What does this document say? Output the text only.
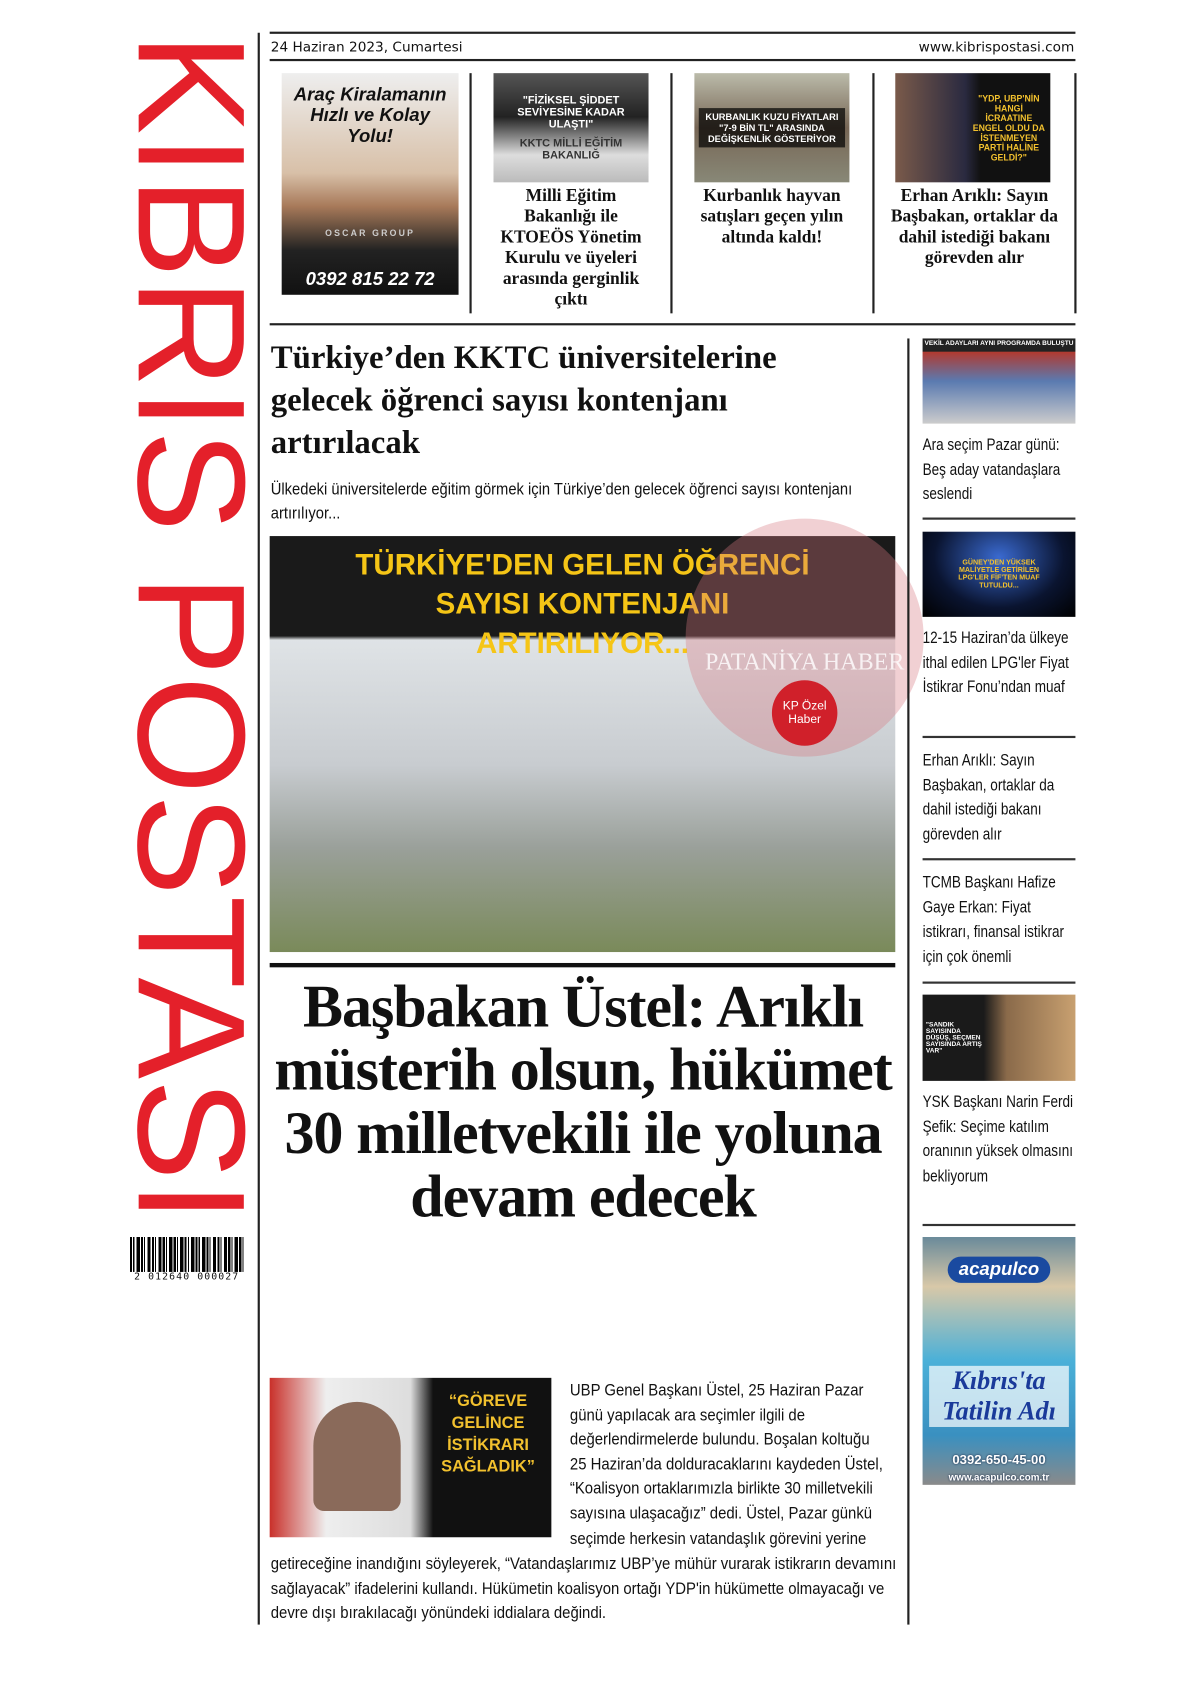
KIBRIS POSTASI
2 012640 000027
24 Haziran 2023, Cumartesi	www.kibrispostasi.com
Araç Kiralamanın Hızlı ve Kolay Yolu!
OSCAR GROUP
0392 815 22 72
"FİZİKSEL ŞİDDET SEVİYESİNE KADAR ULAŞTI"
KKTC MİLLİ EĞİTİM BAKANLIĞ
Milli Eğitim Bakanlığı ile KTOEÖS Yönetim Kurulu ve üyeleri arasında gerginlik çıktı
KURBANLIK KUZU FİYATLARI "7-9 BİN TL" ARASINDA DEĞİŞKENLİK GÖSTERİYOR
Kurbanlık hayvan satışları geçen yılın altında kaldı!
"YDP, UBP'NİN HANGİ İCRAATINE ENGEL OLDU DA İSTENMEYEN PARTİ HALİNE GELDİ?"
Erhan Arıklı: Sayın Başbakan, ortaklar da dahil istediği bakanı görevden alır
Türkiye’den KKTC üniversitelerine gelecek öğrenci sayısı kontenjanı artırılacak
Ülkedeki üniversitelerde eğitim görmek için Türkiye’den gelecek öğrenci sayısı kontenjanı artırılıyor...
TÜRKİYE'DEN GELEN ÖĞRENCİ SAYISI KONTENJANI ARTIRILIYOR...
PATANİYA HABER
KP Özel Haber
Başbakan Üstel: Arıklı müsterih olsun, hükümet 30 milletvekili ile yoluna devam edecek
“GÖREVE GELİNCE İSTİKRARI SAĞLADIK”
UBP Genel Başkanı Üstel, 25 Haziran Pazar günü yapılacak ara seçimler ilgili de değerlendirmelerde bulundu. Boşalan koltuğu 25 Haziran’da dolduracaklarını kaydeden Üstel, “Koalisyon ortaklarımızla birlikte 30 milletvekili sayısına ulaşacağız” dedi. Üstel, Pazar günkü seçimde herkesin vatandaşlık görevini yerine
getireceğine inandığını söyleyerek, “Vatandaşlarımız UBP’ye mühür vurarak istikrarın devamını sağlayacak” ifadelerini kullandı. Hükümetin koalisyon ortağı YDP'in hükümette olmayacağı ve devre dışı bırakılacağı yönündeki iddialara değindi.
VEKİL ADAYLARI AYNI PROGRAMDA BULUŞTU
Ara seçim Pazar günü: Beş aday vatandaşlara seslendi
GÜNEY'DEN YÜKSEK MALİYETLE GETİRİLEN LPG'LER FİF'TEN MUAF TUTULDU...
12-15 Haziran’da ülkeye ithal edilen LPG'ler Fiyat İstikrar Fonu’ndan muaf
Erhan Arıklı: Sayın Başbakan, ortaklar da dahil istediği bakanı görevden alır
TCMB Başkanı Hafize Gaye Erkan: Fiyat istikrarı, finansal istikrar için çok önemli
"SANDIK SAYISINDA DÜŞÜŞ, SEÇMEN SAYISINDA ARTIŞ VAR"
YSK Başkanı Narin Ferdi Şefik: Seçime katılım oranının yüksek olmasını bekliyorum
acapulco
Kıbrıs'ta Tatilin Adı
0392-650-45-00
www.acapulco.com.tr
